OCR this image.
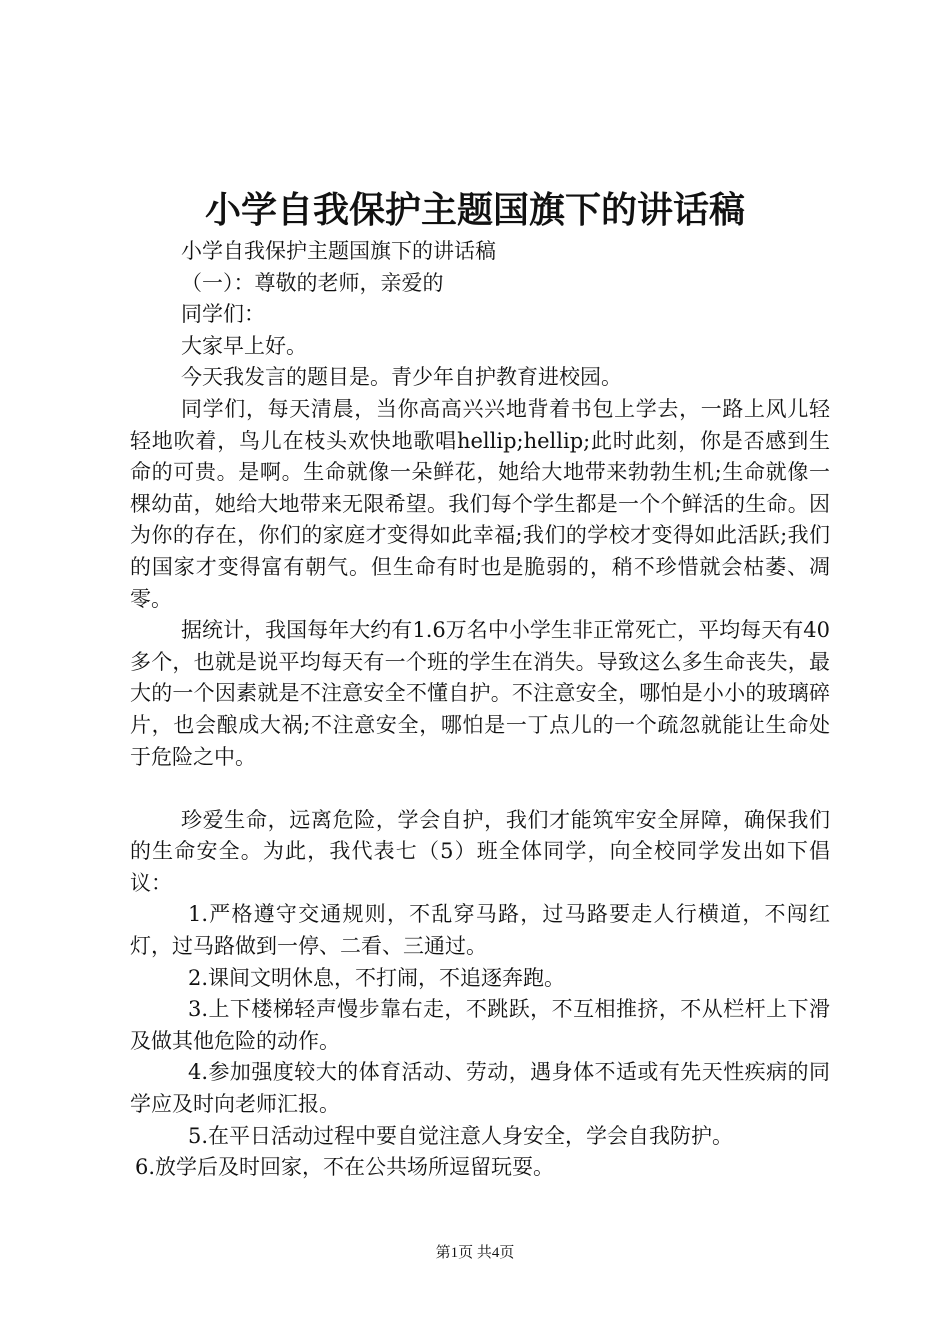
小学自我保护主题国旗下的讲话稿

小学自我保护主题国旗下的讲话稿

（一）：尊敬的老师，亲爱的

同学们：

大家早上好。

今天我发言的题目是。青少年自护教育进校园。

同学们，每天清晨，当你高高兴兴地背着书包上学去，一路上风儿轻轻地吹着，鸟儿在枝头欢快地歌唱hellip;hellip;此时此刻，你是否感到生命的可贵。是啊。生命就像一朵鲜花，她给大地带来勃勃生机;生命就像一棵幼苗，她给大地带来无限希望。我们每个学生都是一个个鲜活的生命。因为你的存在，你们的家庭才变得如此幸福;我们的学校才变得如此活跃;我们的国家才变得富有朝气。但生命有时也是脆弱的，稍不珍惜就会枯萎、凋零。

据统计，我国每年大约有1.6万名中小学生非正常死亡，平均每天有40多个，也就是说平均每天有一个班的学生在消失。导致这么多生命丧失，最大的一个因素就是不注意安全不懂自护。不注意安全，哪怕是小小的玻璃碎片，也会酿成大祸;不注意安全，哪怕是一丁点儿的一个疏忽就能让生命处于危险之中。

珍爱生命，远离危险，学会自护，我们才能筑牢安全屏障，确保我们的生命安全。为此，我代表七（5）班全体同学，向全校同学发出如下倡议：

1.严格遵守交通规则，不乱穿马路，过马路要走人行横道，不闯红灯，过马路做到一停、二看、三通过。

2.课间文明休息，不打闹，不追逐奔跑。

3.上下楼梯轻声慢步靠右走，不跳跃，不互相推挤，不从栏杆上下滑及做其他危险的动作。

4.参加强度较大的体育活动、劳动，遇身体不适或有先天性疾病的同学应及时向老师汇报。

5.在平日活动过程中要自觉注意人身安全，学会自我防护。

6.放学后及时回家，不在公共场所逗留玩耍。

第1页 共4页
